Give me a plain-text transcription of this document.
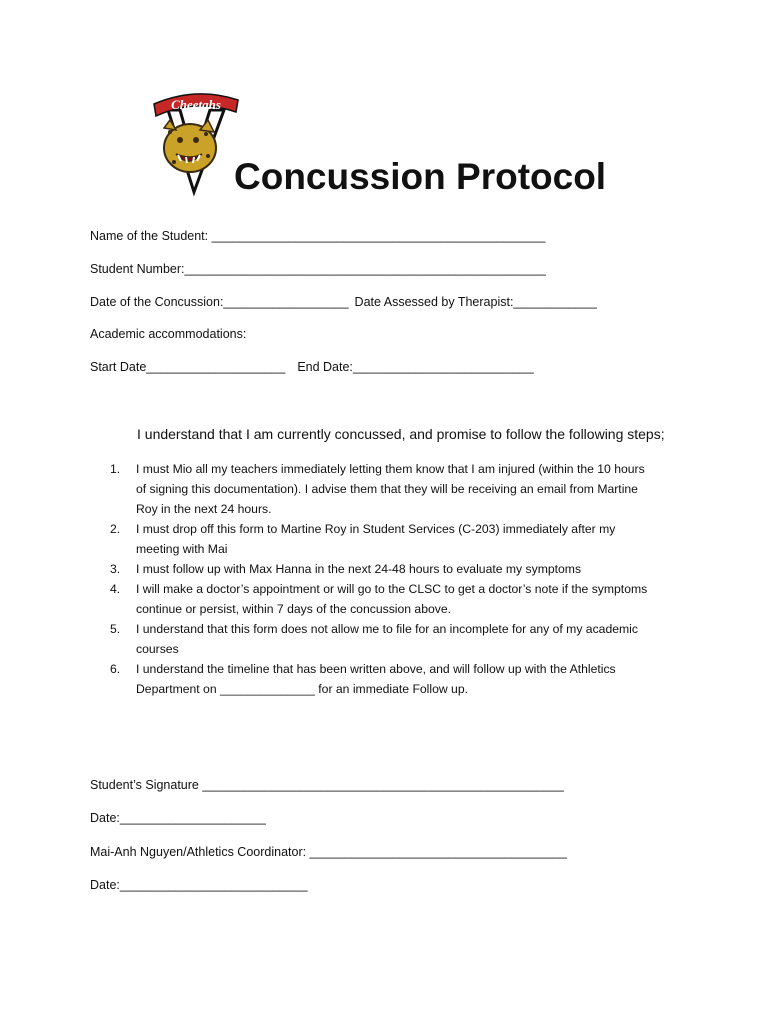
Cheetahs
Concussion Protocol
Name of the Student: ________________________________________________
Student Number:____________________________________________________
Date of the Concussion:__________________ Date Assessed by Therapist:____________
Academic accommodations:
Start Date____________________ End Date:__________________________
I understand that I am currently concussed, and promise to follow the following steps;
1. I must Mio all my teachers immediately letting them know that I am injured (within the 10 hours
of signing this documentation). I advise them that they will be receiving an email from Martine
Roy in the next 24 hours.
2. I must drop off this form to Martine Roy in Student Services (C-203) immediately after my
meeting with Mai
3. I must follow up with Max Hanna in the next 24-48 hours to evaluate my symptoms
4. I will make a doctor’s appointment or will go to the CLSC to get a doctor’s note if the symptoms
continue or persist, within 7 days of the concussion above.
5. I understand that this form does not allow me to file for an incomplete for any of my academic
courses
6. I understand the timeline that has been written above, and will follow up with the Athletics
Department on ______________ for an immediate Follow up.
Student’s Signature ____________________________________________________
Date:_____________________
Mai-Anh Nguyen/Athletics Coordinator: _____________________________________
Date:___________________________
